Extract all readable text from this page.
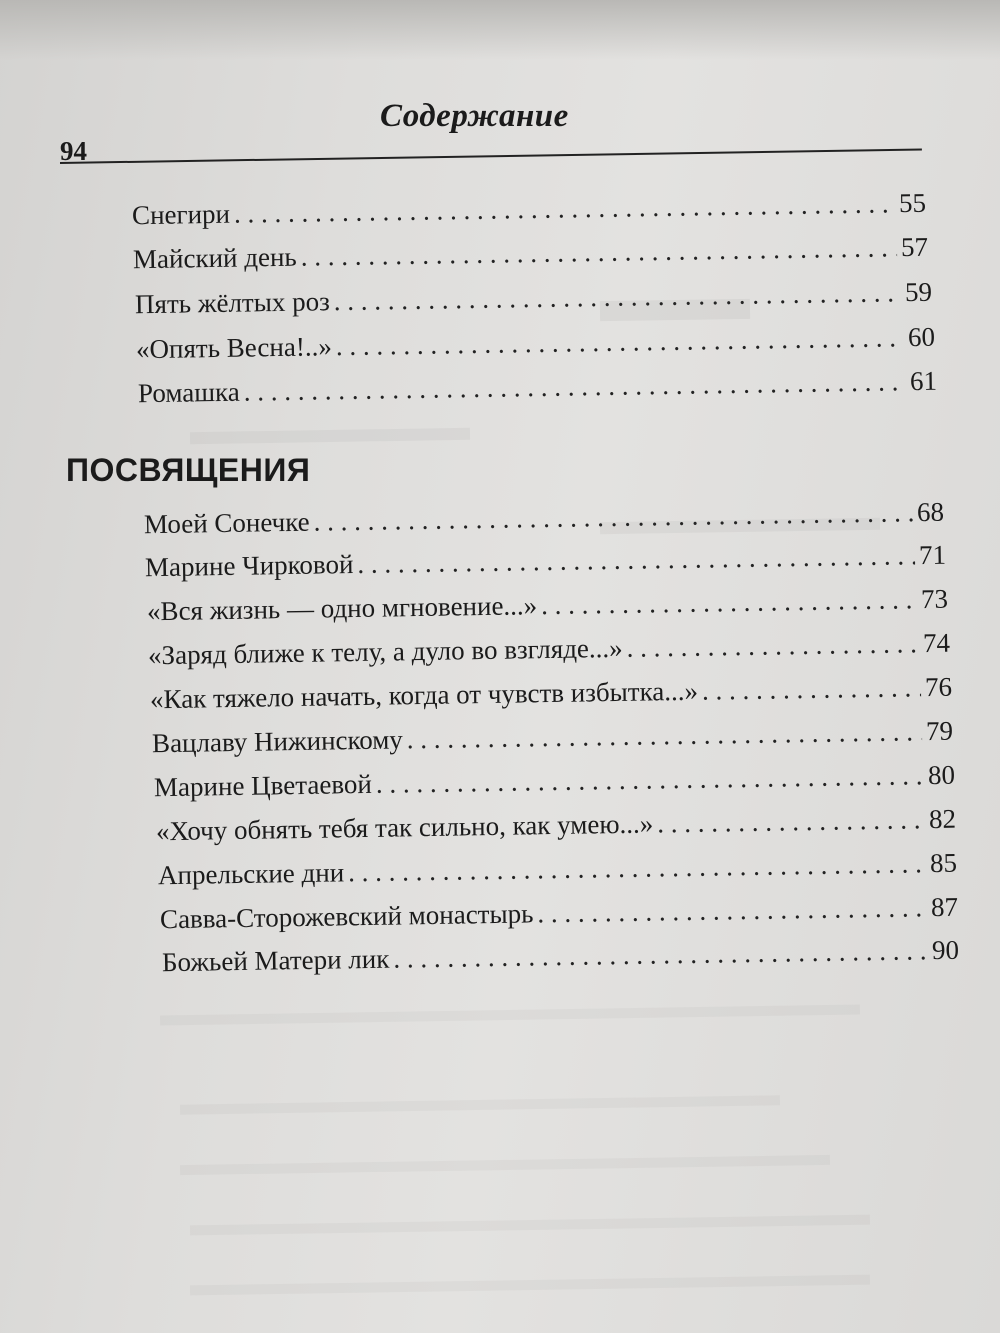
Содержание
94
Снегири . . .	55
Майский день . . .	57
Пять жёлтых роз . . .	59
«Опять Весна!..» . . .	60
Ромашка . . .	61
ПОСВЯЩЕНИЯ
Моей Сонечке . . .	68
Марине Чирковой . . .	71
«Вся жизнь — одно мгновение...» . . .	73
«Заряд ближе к телу, а дуло во взгляде...» . . .	74
«Как тяжело начать, когда от чувств избытка...» . . .	76
Вацлаву Нижинскому . . .	79
Марине Цветаевой . . .	80
«Хочу обнять тебя так сильно, как умею...» . . .	82
Апрельские дни . . .	85
Савва-Сторожевский монастырь . . .	87
Божьей Матери лик . . .	90
